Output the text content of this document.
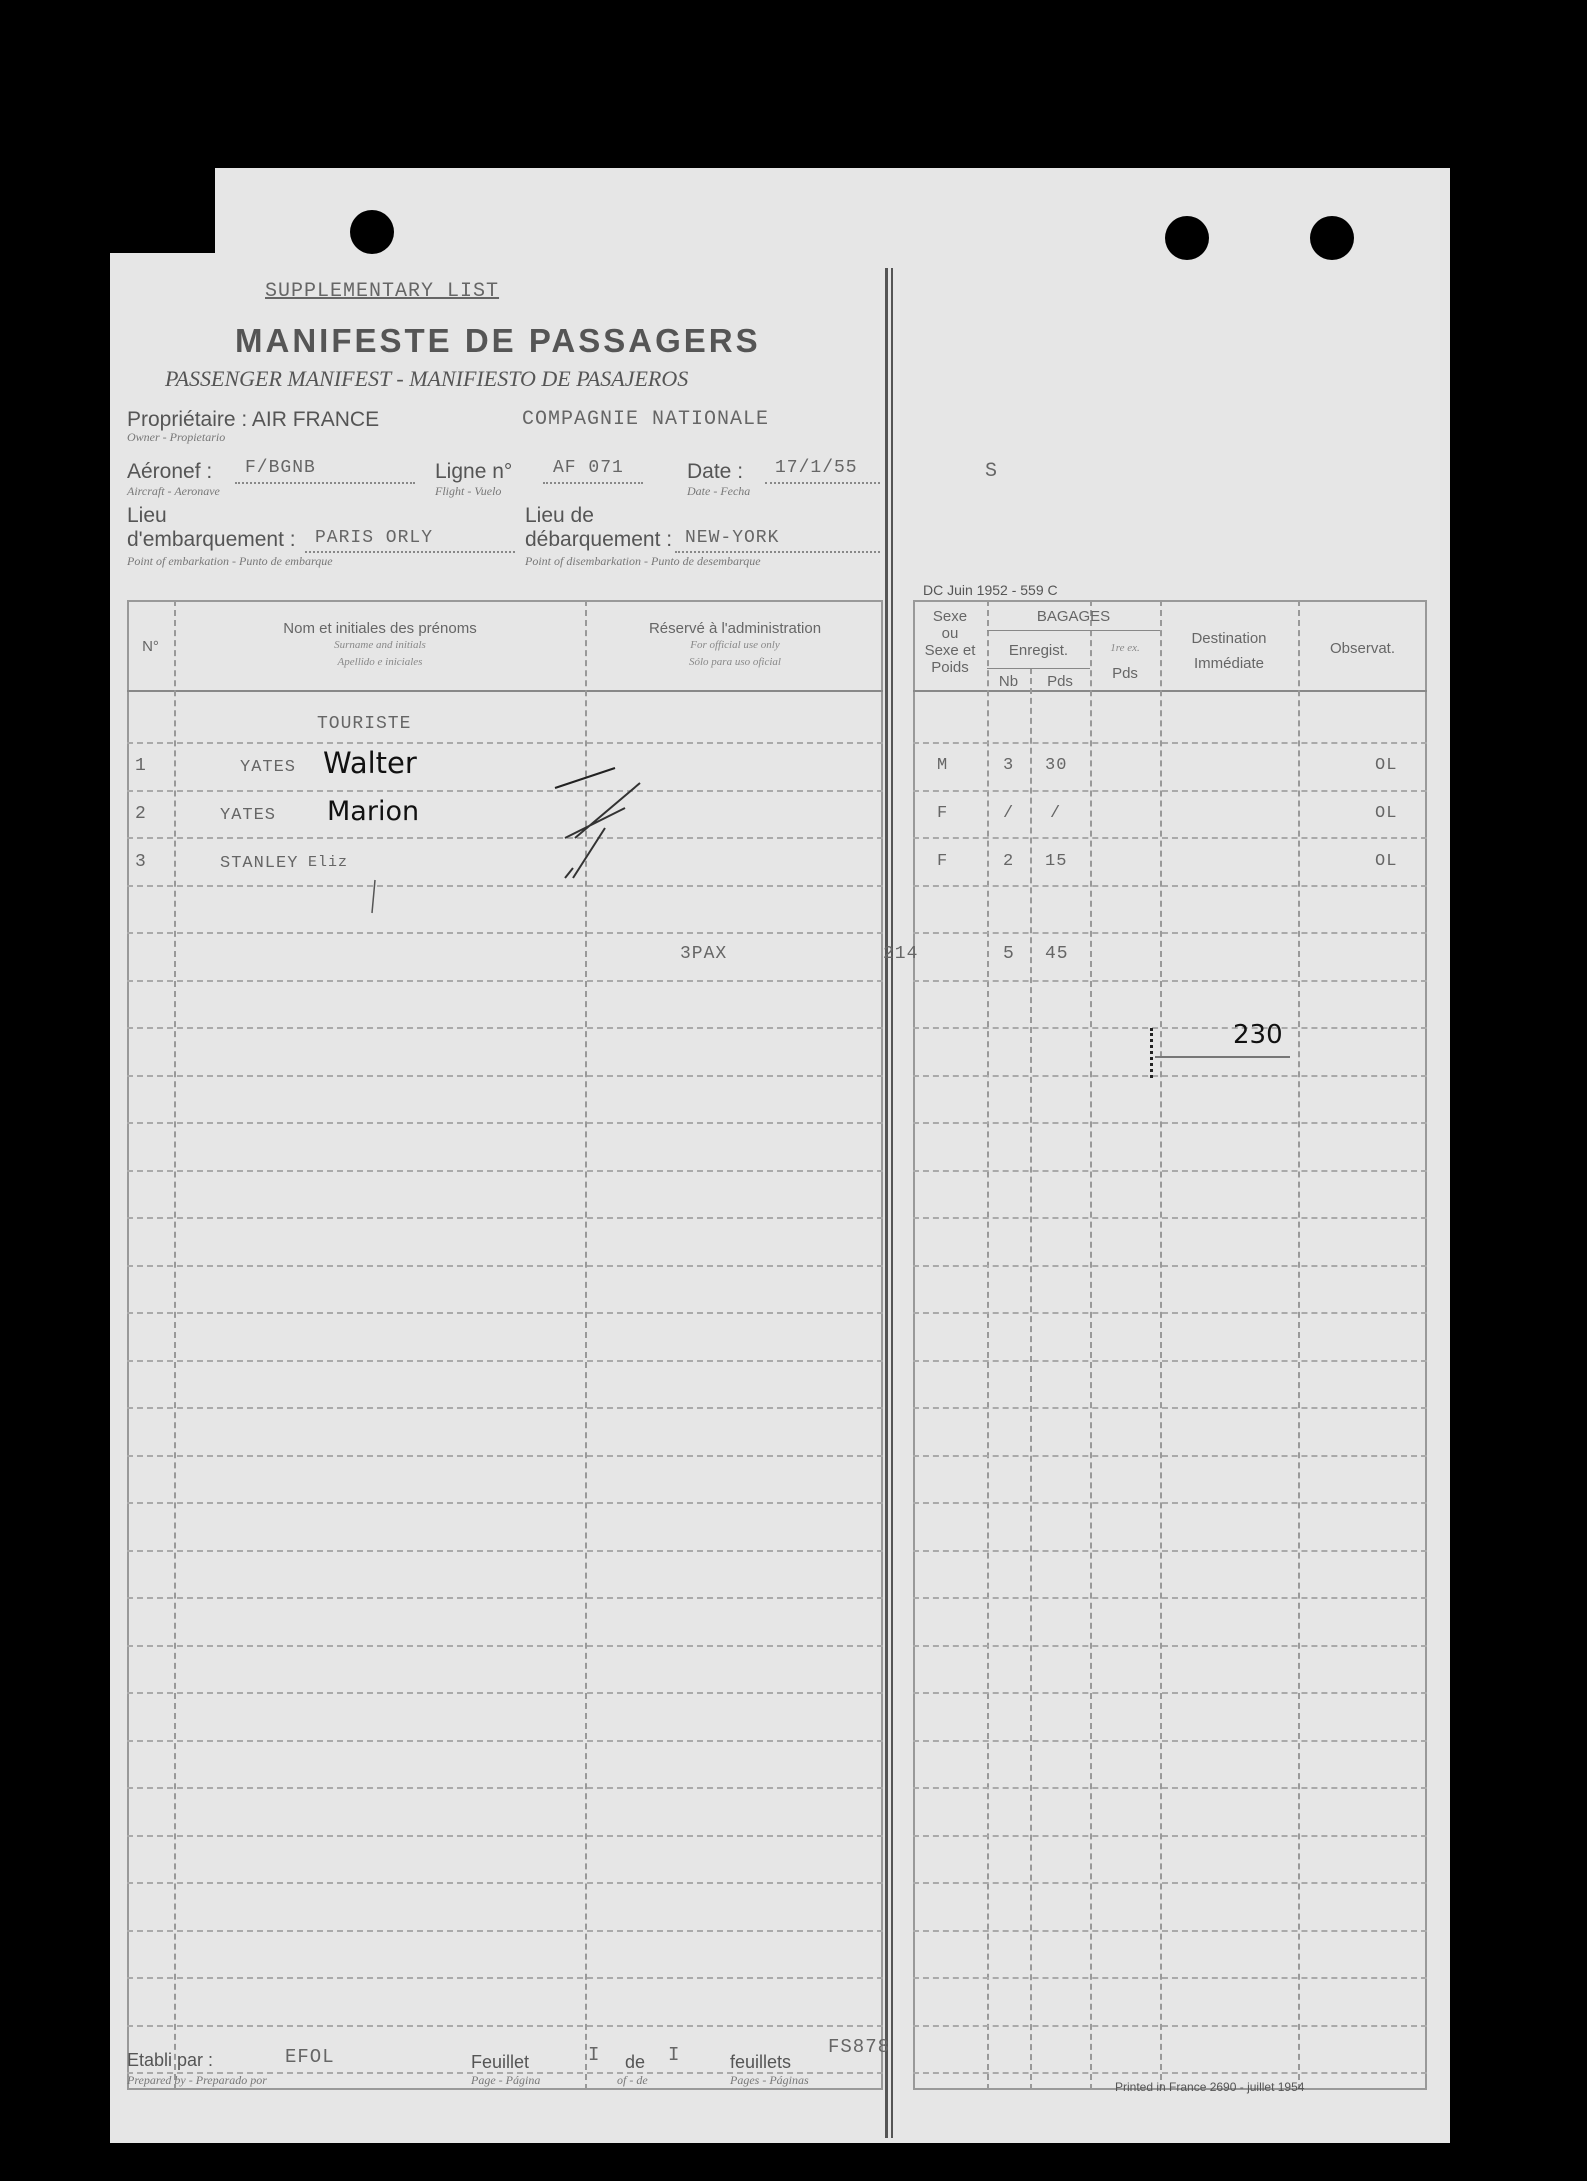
SUPPLEMENTARY LIST
MANIFESTE DE PASSAGERS
PASSENGER MANIFEST - MANIFIESTO DE PASAJEROS
Propriétaire : AIR FRANCE	COMPAGNIE NATIONALE
Owner - Propietario
Aéronef : F/BGNB
Aircraft - Aeronave
Ligne n° AF 071
Flight - Vuelo
Date : 17/1/55
Date - Fecha
S
Lieu
d'embarquement : PARIS ORLY
Point of embarkation - Punto de embarque
Lieu de
débarquement : NEW-YORK
Point of disembarkation - Punto de desembarque
DC Juin 1952 - 559 C
N°
Nom et initiales des prénoms
Surname and initials
Apellido e iniciales
Réservé à l'administration
For official use only
Sólo para uso oficial
Sexe
ou
Sexe et
Poids
BAGAGES
Enregist.
Nb	Pds
1re ex.
Pds
Destination
Immédiate
Observat.
TOURISTE
1	YATES Walter	M	3 30	OL
2	YATES Marion	F	/ /	OL
3	STANLEY Eliz	F	2 15	OL
3PAX	214	5 45
230
Etabli par :	EFOL
Prepared by - Preparado por
Feuillet	I
Page - Página
de I
of - de
feuillets
Pages - Páginas
FS878
Printed in France 2690 - juillet 1954
